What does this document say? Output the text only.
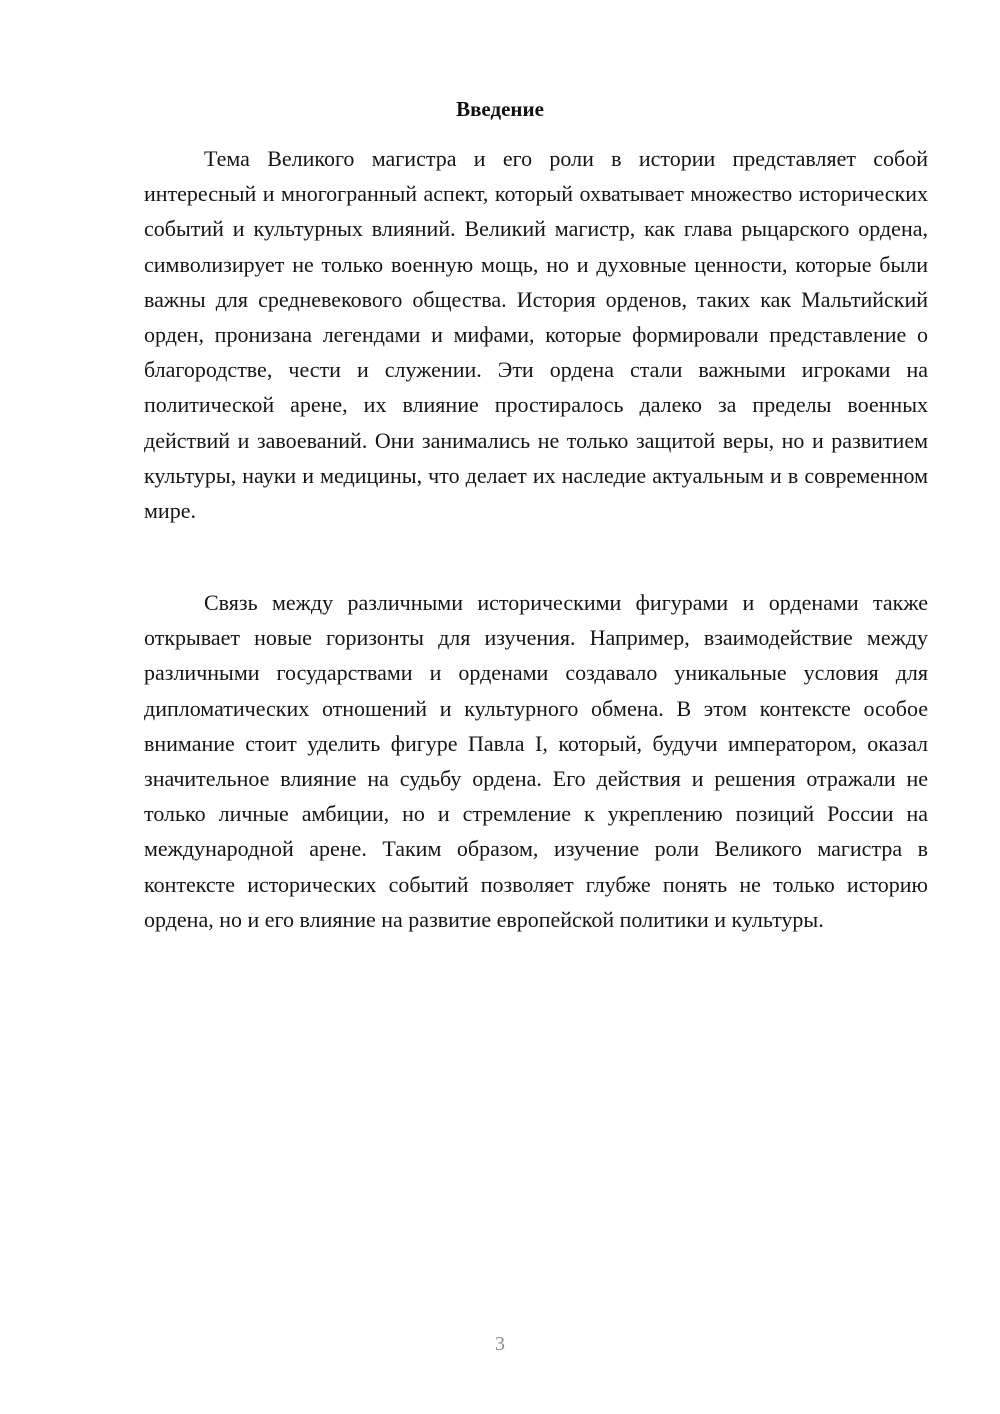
Введение

Тема Великого магистра и его роли в истории представляет собой интересный и многогранный аспект, который охватывает множество исторических событий и культурных влияний. Великий магистр, как глава рыцарского ордена, символизирует не только военную мощь, но и духовные ценности, которые были важны для средневекового общества. История орденов, таких как Мальтийский орден, пронизана легендами и мифами, которые формировали представление о благородстве, чести и служении. Эти ордена стали важными игроками на политической арене, их влияние простиралось далеко за пределы военных действий и завоеваний. Они занимались не только защитой веры, но и развитием культуры, науки и медицины, что делает их наследие актуальным и в современном мире.

Связь между различными историческими фигурами и орденами также открывает новые горизонты для изучения. Например, взаимодействие между различными государствами и орденами создавало уникальные условия для дипломатических отношений и культурного обмена. В этом контексте особое внимание стоит уделить фигуре Павла I, который, будучи императором, оказал значительное влияние на судьбу ордена. Его действия и решения отражали не только личные амбиции, но и стремление к укреплению позиций России на международной арене. Таким образом, изучение роли Великого магистра в контексте исторических событий позволяет глубже понять не только историю ордена, но и его влияние на развитие европейской политики и культуры.

3
